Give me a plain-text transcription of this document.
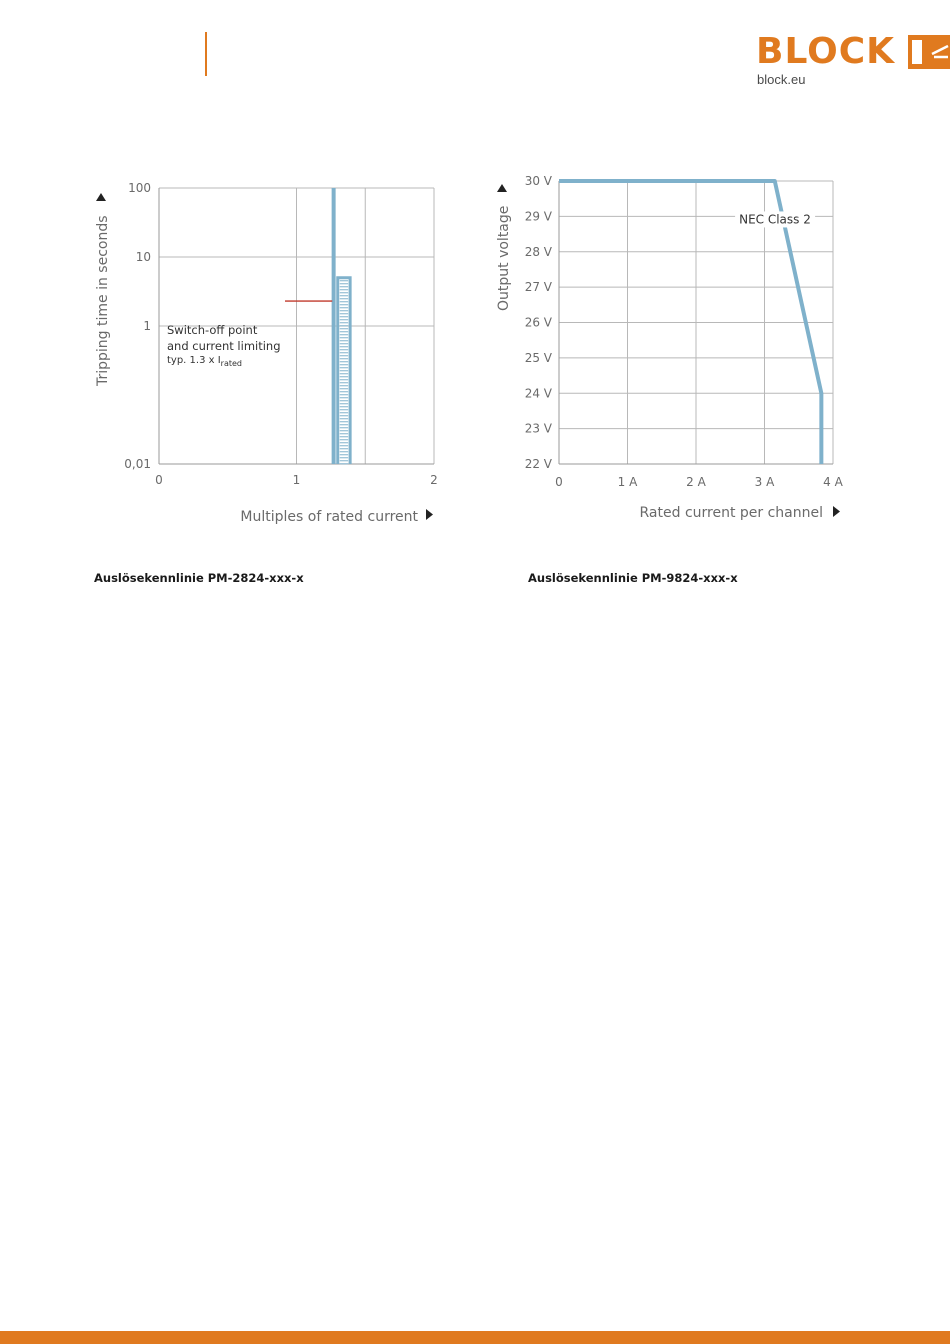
BLOCK
block.eu
0,01
1
10
100
0	1	2
Switch-off point
and current limiting
typ. 1.3 x $I_{rated}$
Multiples of rated current
Tripping time in seconds
Auslösekennlinie PM-2824-xxx-x
22 V
23 V
24 V
25 V
26 V
27 V
28 V
29 V
30 V
0	1 A	2 A	3 A	4 A
NEC Class 2
Rated current per channel
Output voltage
Auslösekennlinie PM-9824-xxx-x
